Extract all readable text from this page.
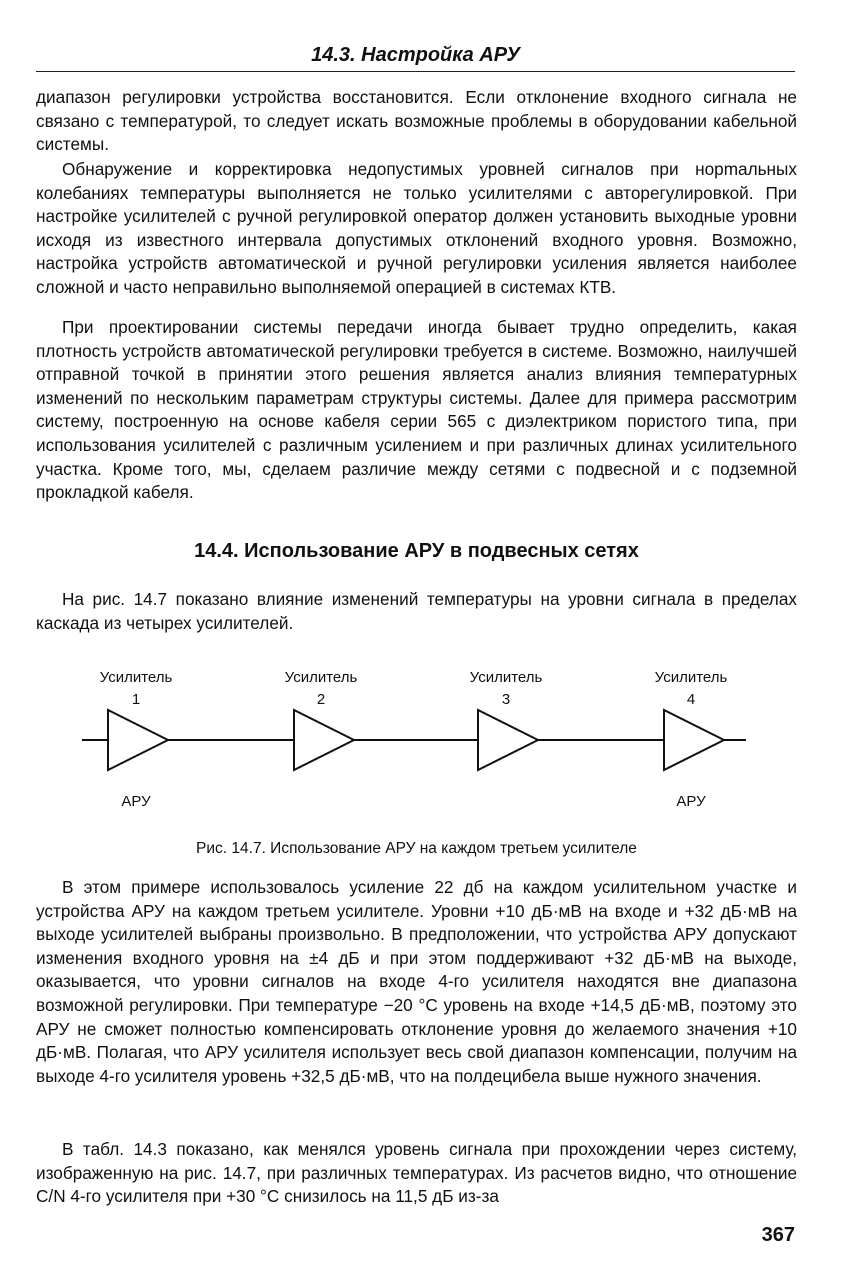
14.3. Настройка АРУ

диапазон регулировки устройства восстановится. Если отклонение входного сигнала не связано с температурой, то следует искать возможные проблемы в оборудовании кабельной системы.

Обнаружение и корректировка недопустимых уровней сигналов при норmальных колебаниях температуры выполняется не только усилителями с авторегулировкой. При настройке усилителей с ручной регулировкой оператор должен установить выходные уровни исходя из известного интервала допустимых отклонений входного уровня. Возможно, настройка устройств автоматической и ручной регулировки усиления является наиболее сложной и часто неправильно выполняемой операцией в системах КТВ.

При проектировании системы передачи иногда бывает трудно определить, какая плотность устройств автоматической регулировки требуется в системе. Возможно, наилучшей отправной точкой в принятии этого решения является анализ влияния температурных изменений по нескольким параметрам структуры системы. Далее для примера рассмотрим систему, построенную на основе кабеля серии 565 с диэлектриком пористого типа, при использования усилителей с различным усилением и при различных длинах усилительного участка. Кроме того, мы, сделаем различие между сетями с подвесной и с подземной прокладкой кабеля.

14.4. Использование АРУ в подвесных сетях

На рис. 14.7 показано влияние изменений температуры на уровни сигнала в пределах каскада из четырех усилителей.

Усилитель
1
АРУ
Усилитель
2
Усилитель
3
Усилитель
4
АРУ
Рис. 14.7. Использование АРУ на каждом третьем усилителе

В этом примере использовалось усиление 22 дб на каждом усилительном участке и устройства АРУ на каждом третьем усилителе. Уровни +10 дБ·мВ на входе и +32 дБ·мВ на выходе усилителей выбраны произвольно. В предположении, что устройства АРУ допускают изменения входного уровня на ±4 дБ и при этом поддерживают +32 дБ·мВ на выходе, оказывается, что уровни сигналов на входе 4-го усилителя находятся вне диапазона возможной регулировки. При температуре −20 °С уровень на входе +14,5 дБ·мВ, поэтому это АРУ не сможет полностью компенсировать отклонение уровня до желаемого значения +10 дБ·мВ. Полагая, что АРУ усилителя использует весь свой диапазон компенсации, получим на выходе 4-го усилителя уровень +32,5 дБ·мВ, что на полдецибела выше нужного значения.

В табл. 14.3 показано, как менялся уровень сигнала при прохождении через систему, изображенную на рис. 14.7, при различных температурах. Из расчетов видно, что отношение C/N 4-го усилителя при +30 °С снизилось на 11,5 дБ из-за

367
